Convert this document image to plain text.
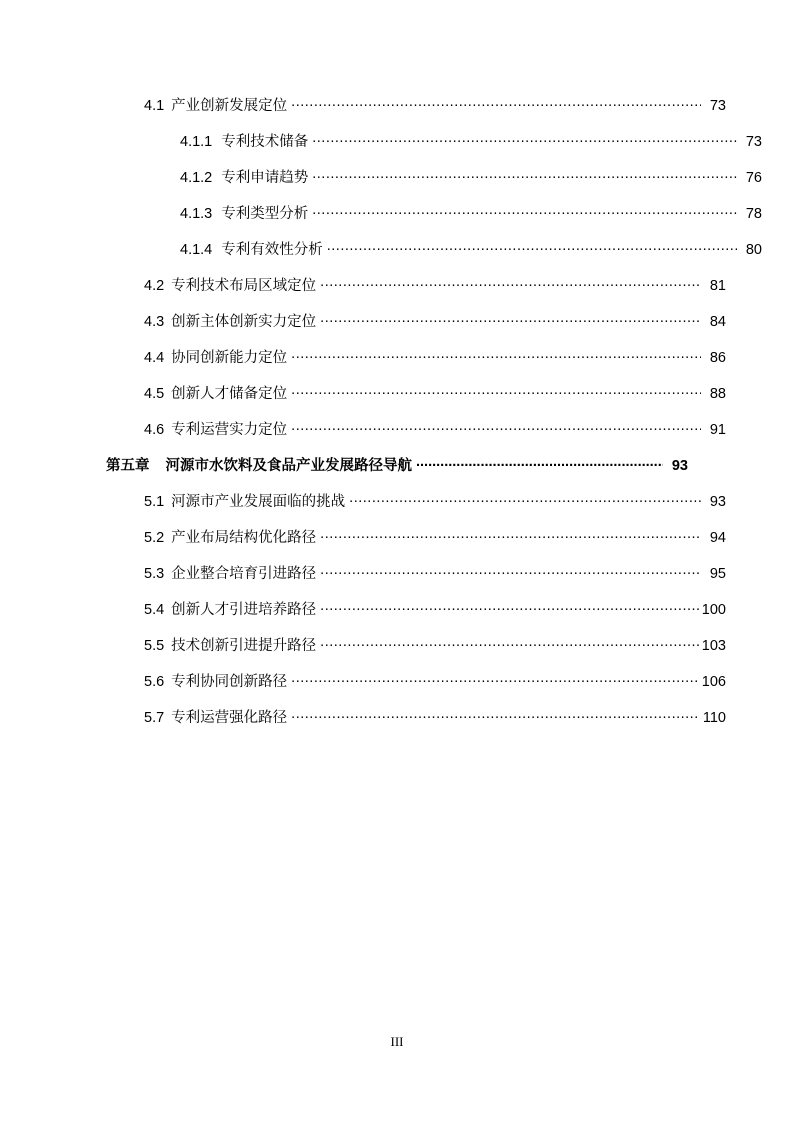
4.1 产业创新发展定位 .....	73
4.1.1 专利技术储备 .....	73
4.1.2 专利申请趋势 .....	76
4.1.3 专利类型分析 .....	78
4.1.4 专利有效性分析 .....	80
4.2 专利技术布局区域定位 .....	81
4.3 创新主体创新实力定位 .....	84
4.4 协同创新能力定位 .....	86
4.5 创新人才储备定位 .....	88
4.6 专利运营实力定位 .....	91
第五章	河源市水饮料及食品产业发展路径导航 .....	93
5.1 河源市产业发展面临的挑战 .....	93
5.2 产业布局结构优化路径 .....	94
5.3 企业整合培育引进路径 .....	95
5.4 创新人才引进培养路径 .....	100
5.5 技术创新引进提升路径 .....	103
5.6 专利协同创新路径 .....	106
5.7 专利运营强化路径 .....	110
III
